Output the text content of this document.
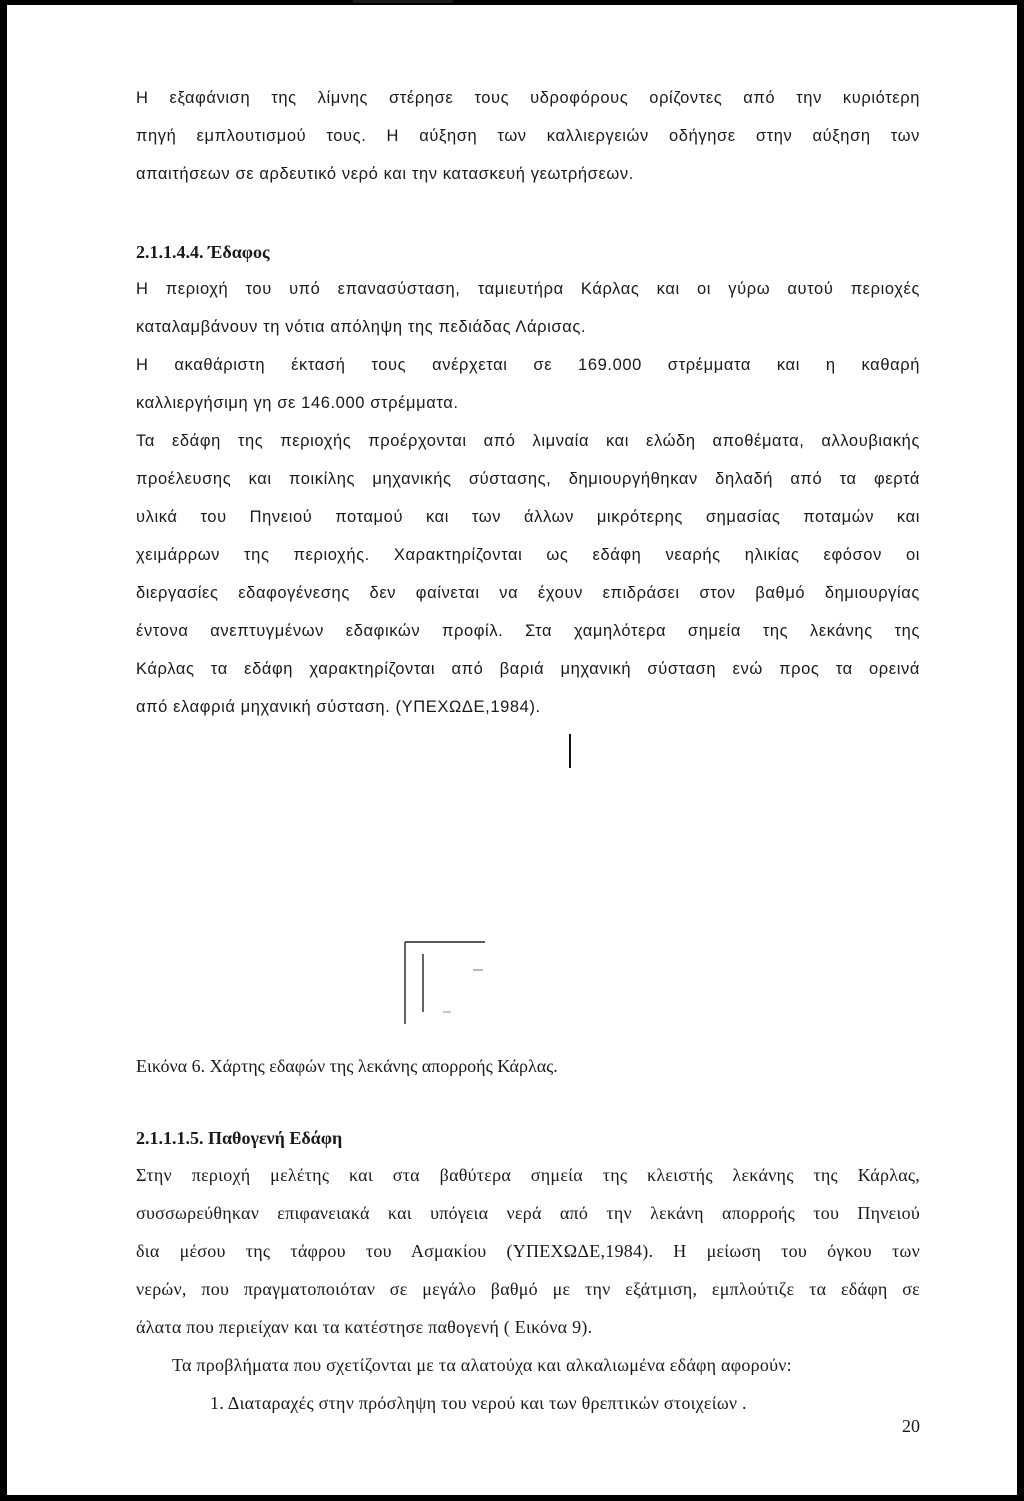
Η εξαφάνιση της λίμνης στέρησε τους υδροφόρους ορίζοντες από την κυριότερη

πηγή εμπλουτισμού τους. Η αύξηση των καλλιεργειών οδήγησε στην αύξηση των

απαιτήσεων σε αρδευτικό νερό και την κατασκευή γεωτρήσεων.

2.1.1.4.4. Έδαφος

Η περιοχή του υπό επανασύσταση, ταμιευτήρα Κάρλας και οι γύρω αυτού περιοχές

καταλαμβάνουν τη νότια απόληψη της πεδιάδας Λάρισας.

Η ακαθάριστη έκτασή τους ανέρχεται σε 169.000 στρέμματα και η καθαρή

καλλιεργήσιμη γη σε 146.000 στρέμματα.

Τα εδάφη της περιοχής προέρχονται από λιμναία και ελώδη αποθέματα, αλλουβιακής

προέλευσης και ποικίλης μηχανικής σύστασης, δημιουργήθηκαν δηλαδή από τα φερτά

υλικά του Πηνειού ποταμού και των άλλων μικρότερης σημασίας ποταμών και

χειμάρρων της περιοχής. Χαρακτηρίζονται ως εδάφη νεαρής ηλικίας εφόσον οι

διεργασίες εδαφογένεσης δεν φαίνεται να έχουν επιδράσει στον βαθμό δημιουργίας

έντονα ανεπτυγμένων εδαφικών προφίλ. Στα χαμηλότερα σημεία της λεκάνης της

Κάρλας τα εδάφη χαρακτηρίζονται από βαριά μηχανική σύσταση ενώ προς τα ορεινά

από ελαφριά μηχανική σύσταση. (ΥΠΕΧΩΔΕ,1984).

Εικόνα 6. Χάρτης εδαφών της λεκάνης απορροής Κάρλας.

2.1.1.1.5. Παθογενή Εδάφη

Στην περιοχή μελέτης και στα βαθύτερα σημεία της κλειστής λεκάνης της Κάρλας,

συσσωρεύθηκαν επιφανειακά και υπόγεια νερά από την λεκάνη απορροής του Πηνειού

δια μέσου της τάφρου του Ασμακίου (ΥΠΕΧΩΔΕ,1984). Η μείωση του όγκου των

νερών, που πραγματοποιόταν σε μεγάλο βαθμό με την εξάτμιση, εμπλούτιζε τα εδάφη σε

άλατα που περιείχαν και τα κατέστησε παθογενή ( Εικόνα 9).

Τα προβλήματα που σχετίζονται με τα αλατούχα και αλκαλιωμένα εδάφη αφορούν:

1. Διαταραχές στην πρόσληψη του νερού και των θρεπτικών στοιχείων .

20
